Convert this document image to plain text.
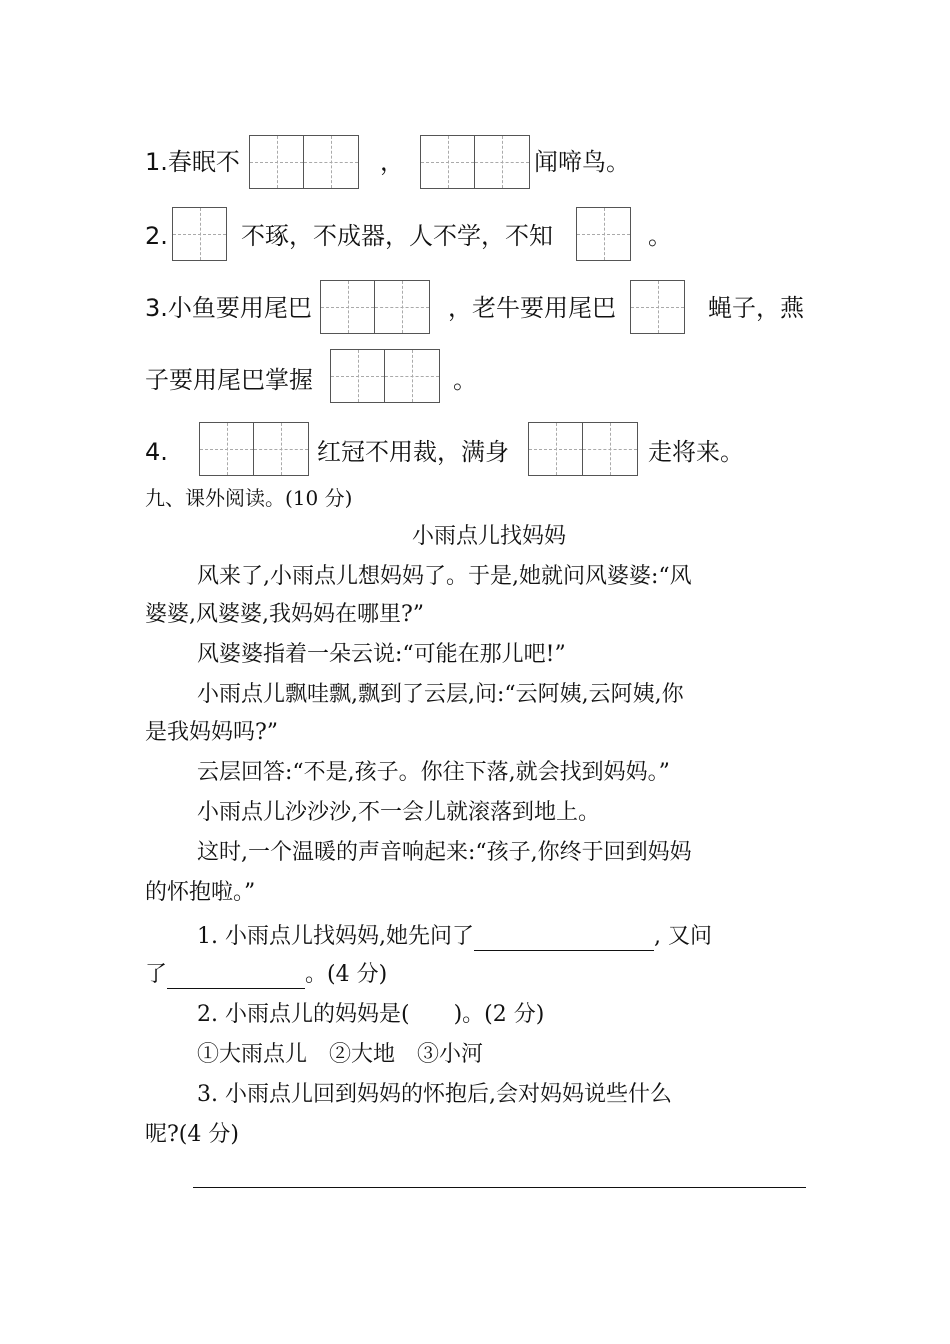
1.春眠不	，	闻啼鸟。
2.	不琢，不成器，人不学，不知	。
3.小鱼要用尾巴	，老牛要用尾巴	蝇子，燕
子要用尾巴掌握	。
4.	红冠不用裁，满身	走将来。
九、课外阅读。(10 分)
小雨点儿找妈妈
风来了,小雨点儿想妈妈了。于是,她就问风婆婆:“风
婆婆,风婆婆,我妈妈在哪里?”
风婆婆指着一朵云说:“可能在那儿吧!”
小雨点儿飘哇飘,飘到了云层,问:“云阿姨,云阿姨,你
是我妈妈吗?”
云层回答:“不是,孩子。你往下落,就会找到妈妈。”
小雨点儿沙沙沙,不一会儿就滚落到地上。
这时,一个温暖的声音响起来:“孩子,你终于回到妈妈
的怀抱啦。”
1. 小雨点儿找妈妈,她先问了	, 又问
了	。(4 分)
2. 小雨点儿的妈妈是(　　)。(2 分)
①大雨点儿　②大地　③小河
3. 小雨点儿回到妈妈的怀抱后,会对妈妈说些什么
呢?(4 分)
